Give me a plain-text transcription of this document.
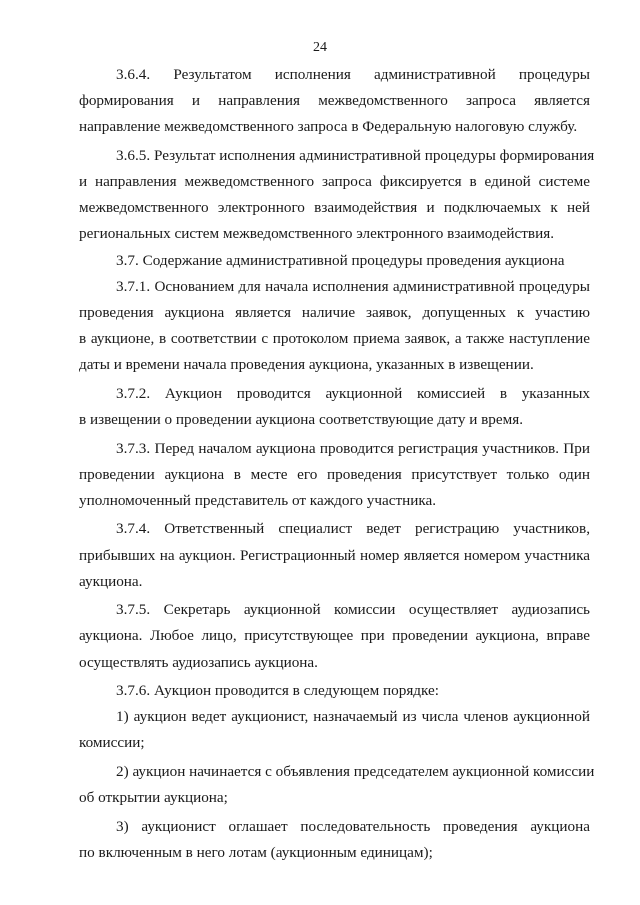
24

3.6.4. Результатом исполнения административной процедуры
формирования и направления межведомственного запроса является
направление межведомственного запроса в Федеральную налоговую службу.

3.6.5. Результат исполнения административной процедуры формирования
и направления межведомственного запроса фиксируется в единой системе
межведомственного электронного взаимодействия и подключаемых к ней
региональных систем межведомственного электронного взаимодействия.

3.7. Содержание административной процедуры проведения аукциона

3.7.1. Основанием для начала исполнения административной процедуры
проведения аукциона является наличие заявок, допущенных к участию
в аукционе, в соответствии с протоколом приема заявок, а также наступление
даты и времени начала проведения аукциона, указанных в извещении.

3.7.2. Аукцион проводится аукционной комиссией в указанных
в извещении о проведении аукциона соответствующие дату и время.

3.7.3. Перед началом аукциона проводится регистрация участников. При
проведении аукциона в месте его проведения присутствует только один
уполномоченный представитель от каждого участника.

3.7.4. Ответственный специалист ведет регистрацию участников,
прибывших на аукцион. Регистрационный номер является номером участника
аукциона.

3.7.5. Секретарь аукционной комиссии осуществляет аудиозапись
аукциона. Любое лицо, присутствующее при проведении аукциона, вправе
осуществлять аудиозапись аукциона.

3.7.6. Аукцион проводится в следующем порядке:

1) аукцион ведет аукционист, назначаемый из числа членов аукционной
комиссии;

2) аукцион начинается с объявления председателем аукционной комиссии
об открытии аукциона;

3) аукционист оглашает последовательность проведения аукциона
по включенным в него лотам (аукционным единицам);
